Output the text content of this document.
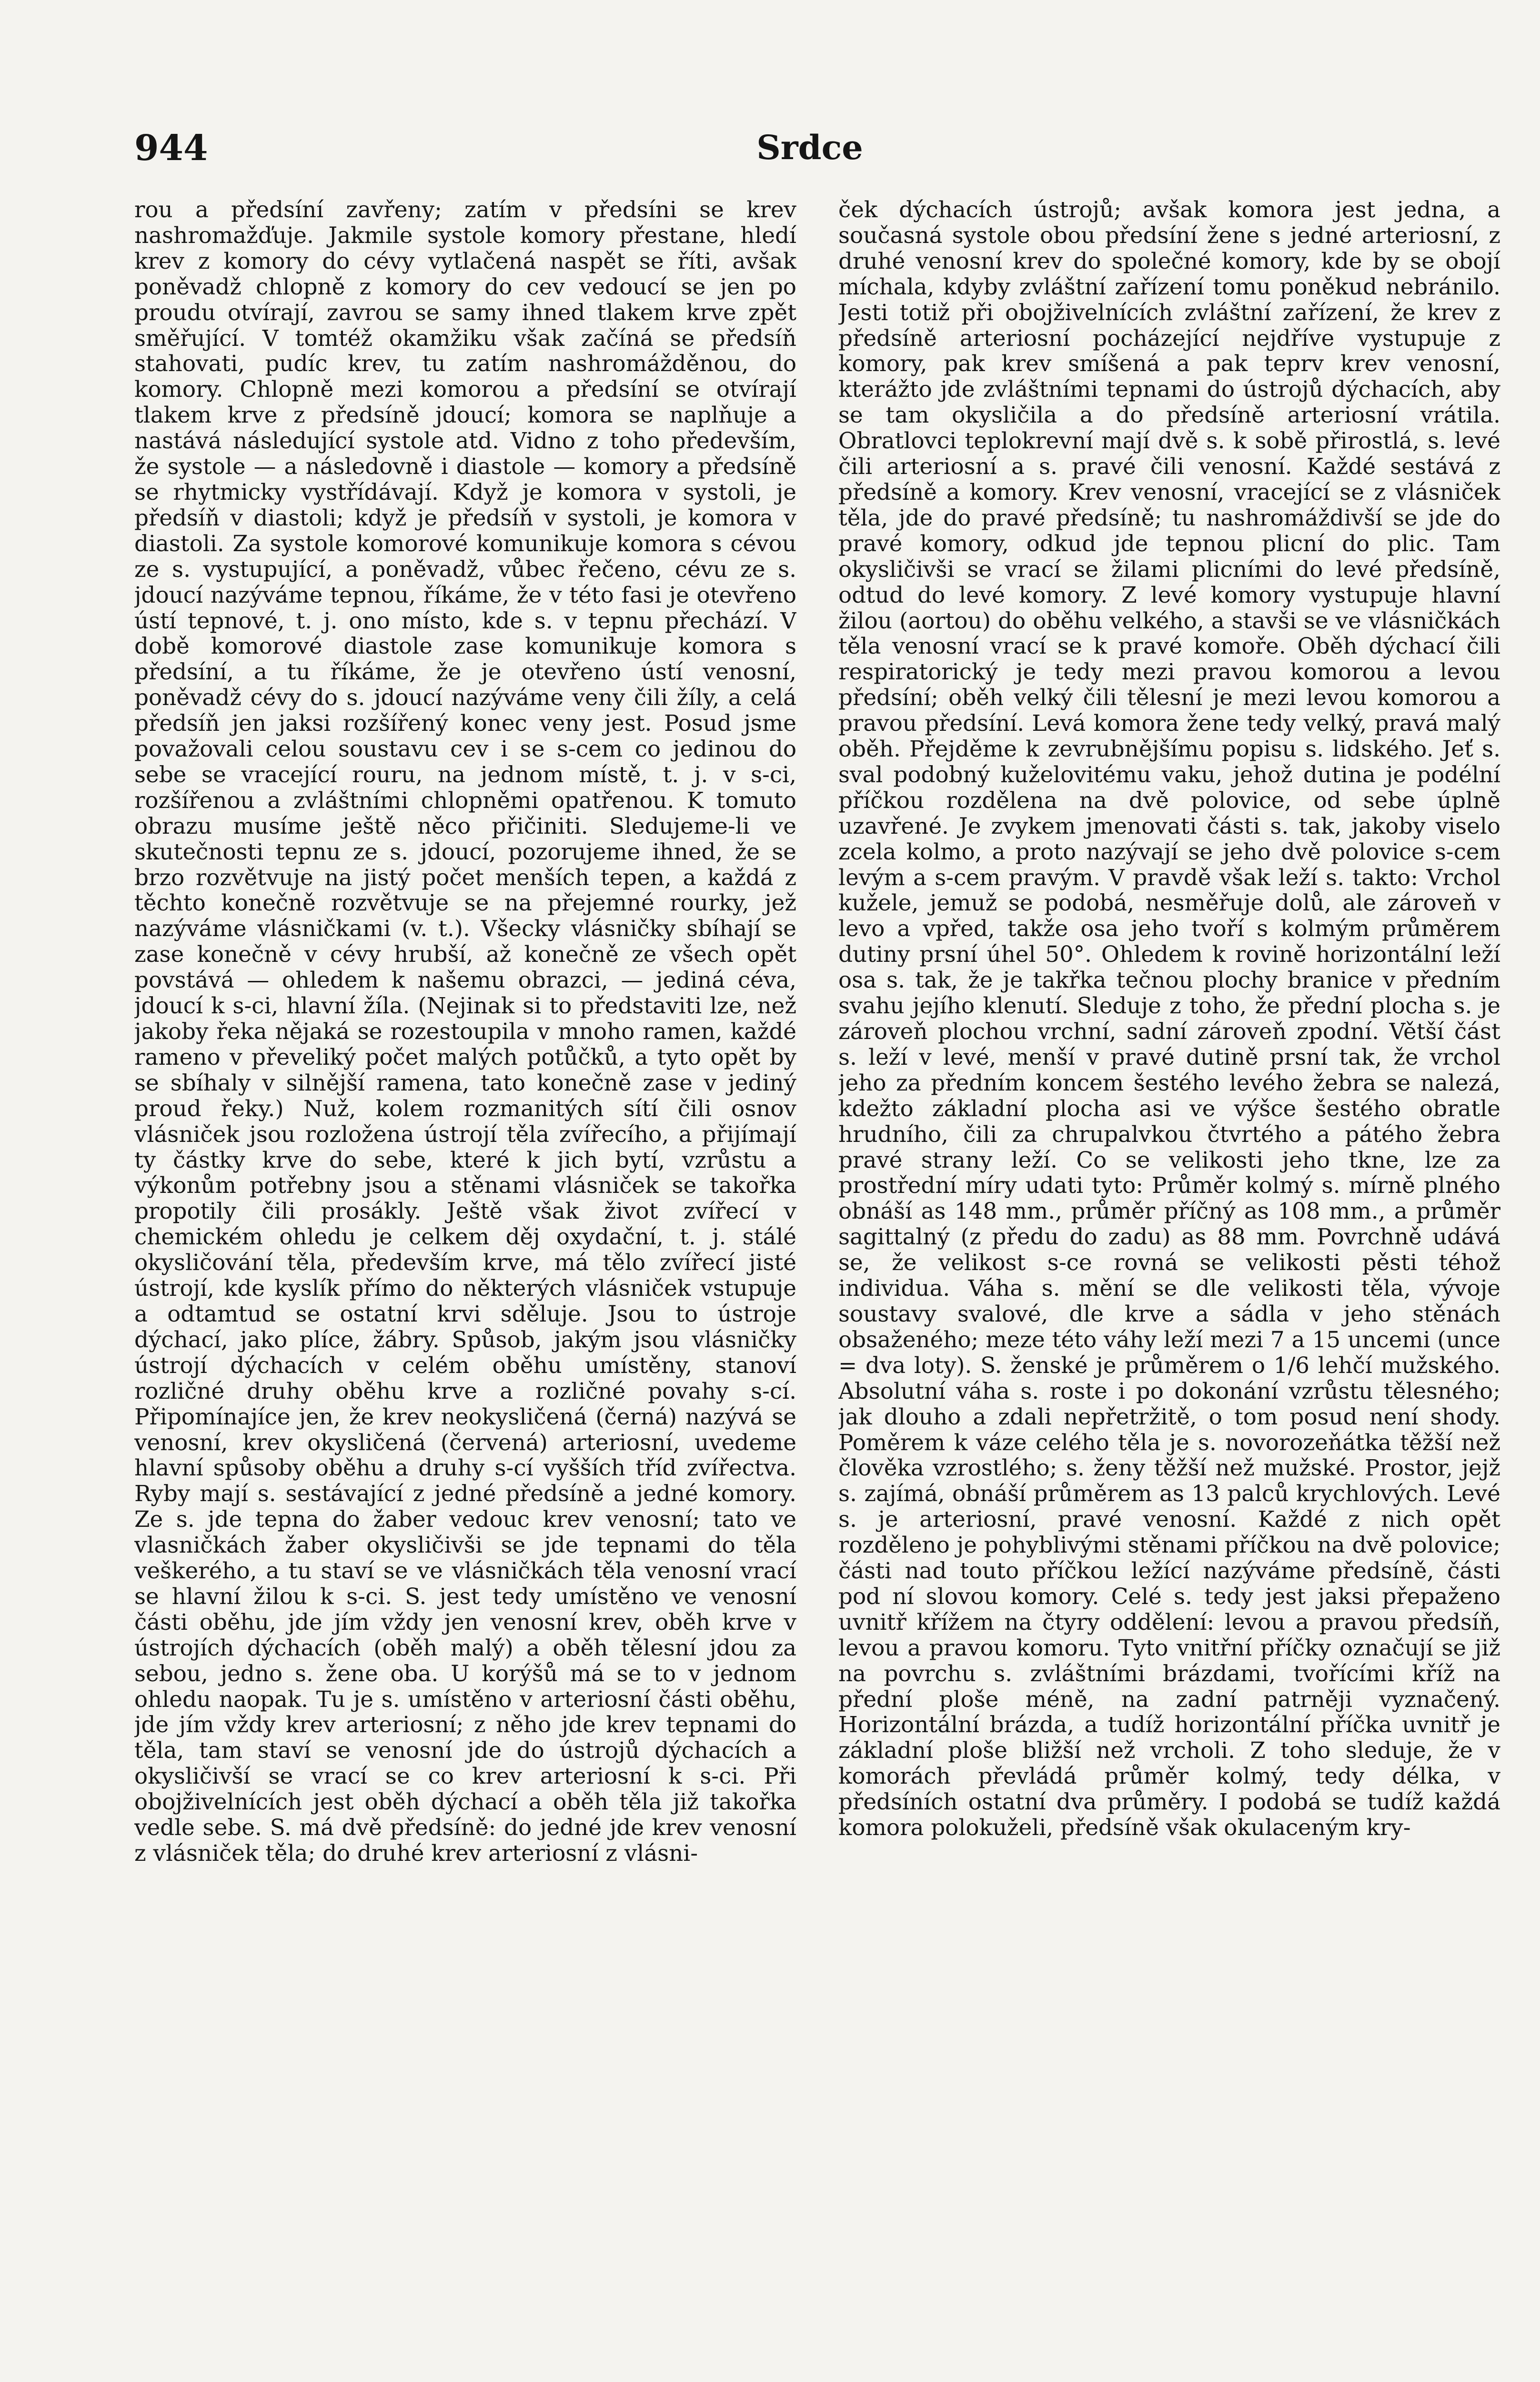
944	Srdce

rou a předsíní zavřeny; zatím v předsíni se krev nashromažďuje. Jakmile systole komory přestane, hledí krev z komory do cévy vytlačená naspět se říti, avšak poněvadž chlopně z komory do cev vedoucí se jen po proudu otvírají, zavrou se samy ihned tlakem krve zpět směřující. V tomtéž okamžiku však začíná se předsíň stahovati, pudíc krev, tu zatím nashromážděnou, do komory. Chlopně mezi komorou a předsíní se otvírají tlakem krve z předsíně jdoucí; komora se naplňuje a nastává následující systole atd. Vidno z toho především, že systole — a následovně i diastole — komory a předsíně se rhytmicky vystřídávají. Když je komora v systoli, je předsíň v diastoli; když je předsíň v systoli, je komora v diastoli. Za systole komorové komunikuje komora s cévou ze s. vystupující, a poněvadž, vůbec řečeno, cévu ze s. jdoucí nazýváme tepnou, říkáme, že v této fasi je otevřeno ústí tepnové, t. j. ono místo, kde s. v tepnu přechází. V době komorové diastole zase komunikuje komora s předsíní, a tu říkáme, že je otevřeno ústí venosní, poněvadž cévy do s. jdoucí nazýváme veny čili žíly, a celá předsíň jen jaksi rozšířený konec veny jest. Posud jsme považovali celou soustavu cev i se s-cem co jedinou do sebe se vracející rouru, na jednom místě, t. j. v s-ci, rozšířenou a zvláštními chlopněmi opatřenou. K tomuto obrazu musíme ještě něco přičiniti. Sledujeme-li ve skutečnosti tepnu ze s. jdoucí, pozorujeme ihned, že se brzo rozvětvuje na jistý počet menších tepen, a každá z těchto konečně rozvětvuje se na přejemné rourky, jež nazýváme vlásničkami (v. t.). Všecky vlásničky sbíhají se zase konečně v cévy hrubší, až konečně ze všech opět povstává — ohledem k našemu obrazci, — jediná céva, jdoucí k s-ci, hlavní žíla. (Nejinak si to představiti lze, než jakoby řeka nějaká se rozestoupila v mnoho ramen, každé rameno v převeliký počet malých potůčků, a tyto opět by se sbíhaly v silnější ramena, tato konečně zase v jediný proud řeky.) Nuž, kolem rozmanitých sítí čili osnov vlásniček jsou rozložena ústrojí těla zvířecího, a přijímají ty částky krve do sebe, které k jich bytí, vzrůstu a výkonům potřebny jsou a stěnami vlásniček se takořka propotily čili prosákly. Ještě však život zvířecí v chemickém ohledu je celkem děj oxydační, t. j. stálé okysličování těla, především krve, má tělo zvířecí jisté ústrojí, kde kyslík přímo do některých vlásniček vstupuje a odtamtud se ostatní krvi sděluje. Jsou to ústroje dýchací, jako plíce, žábry. Spůsob, jakým jsou vlásničky ústrojí dýchacích v celém oběhu umístěny, stanoví rozličné druhy oběhu krve a rozličné povahy s-cí. Připomínajíce jen, že krev neokysličená (černá) nazývá se venosní, krev okysličená (červená) arteriosní, uvedeme hlavní spůsoby oběhu a druhy s-cí vyšších tříd zvířectva. Ryby mají s. sestávající z jedné předsíně a jedné komory. Ze s. jde tepna do žaber vedouc krev venosní; tato ve vlasničkách žaber okysličivši se jde tepnami do těla veškerého, a tu staví se ve vlásničkách těla venosní vrací se hlavní žilou k s-ci. S. jest tedy umístěno ve venosní části oběhu, jde jím vždy jen venosní krev, oběh krve v ústrojích dýchacích (oběh malý) a oběh tělesní jdou za sebou, jedno s. žene oba. U korýšů má se to v jednom ohledu naopak. Tu je s. umístěno v arteriosní části oběhu, jde jím vždy krev arteriosní; z něho jde krev tepnami do těla, tam staví se venosní jde do ústrojů dýchacích a okysličivší se vrací se co krev arteriosní k s-ci. Při obojživelnících jest oběh dýchací a oběh těla již takořka vedle sebe. S. má dvě předsíně: do jedné jde krev venosní z vlásniček těla; do druhé krev arteriosní z vlásni-

ček dýchacích ústrojů; avšak komora jest jedna, a současná systole obou předsíní žene s jedné arteriosní, z druhé venosní krev do společné komory, kde by se obojí míchala, kdyby zvláštní zařízení tomu poněkud nebránilo. Jesti totiž při obojživelnících zvláštní zařízení, že krev z předsíně arteriosní pocházející nejdříve vystupuje z komory, pak krev smíšená a pak teprv krev venosní, kterážto jde zvláštními tepnami do ústrojů dýchacích, aby se tam okysličila a do předsíně arteriosní vrátila. Obratlovci teplokrevní mají dvě s. k sobě přirostlá, s. levé čili arteriosní a s. pravé čili venosní. Každé sestává z předsíně a komory. Krev venosní, vracející se z vlásniček těla, jde do pravé předsíně; tu nashromáždivší se jde do pravé komory, odkud jde tepnou plicní do plic. Tam okysličivši se vrací se žilami plicními do levé předsíně, odtud do levé komory. Z levé komory vystupuje hlavní žilou (aortou) do oběhu velkého, a stavši se ve vlásničkách těla venosní vrací se k pravé komoře. Oběh dýchací čili respiratorický je tedy mezi pravou komorou a levou předsíní; oběh velký čili tělesní je mezi levou komorou a pravou předsíní. Levá komora žene tedy velký, pravá malý oběh. Přejděme k zevrubnějšímu popisu s. lidského. Jeť s. sval podobný kuželovitému vaku, jehož dutina je podélní příčkou rozdělena na dvě polovice, od sebe úplně uzavřené. Je zvykem jmenovati části s. tak, jakoby viselo zcela kolmo, a proto nazývají se jeho dvě polovice s-cem levým a s-cem pravým. V pravdě však leží s. takto: Vrchol kužele, jemuž se podobá, nesměřuje dolů, ale zároveň v levo a vpřed, takže osa jeho tvoří s kolmým průměrem dutiny prsní úhel 50°. Ohledem k rovině horizontální leží osa s. tak, že je takřka tečnou plochy branice v předním svahu jejího klenutí. Sleduje z toho, že přední plocha s. je zároveň plochou vrchní, sadní zároveň zpodní. Větší část s. leží v levé, menší v pravé dutině prsní tak, že vrchol jeho za předním koncem šestého levého žebra se nalezá, kdežto základní plocha asi ve výšce šestého obratle hrudního, čili za chrupalvkou čtvrtého a pátého žebra pravé strany leží. Co se velikosti jeho tkne, lze za prostřední míry udati tyto: Průměr kolmý s. mírně plného obnáší as 148 mm., průměr příčný as 108 mm., a průměr sagittalný (z předu do zadu) as 88 mm. Povrchně udává se, že velikost s-ce rovná se velikosti pěsti téhož individua. Váha s. mění se dle velikosti těla, vývoje soustavy svalové, dle krve a sádla v jeho stěnách obsaženého; meze této váhy leží mezi 7 a 15 uncemi (unce = dva loty). S. ženské je průměrem o 1/6 lehčí mužského. Absolutní váha s. roste i po dokonání vzrůstu tělesného; jak dlouho a zdali nepřetržitě, o tom posud není shody. Poměrem k váze celého těla je s. novorozeňátka těžší než člověka vzrostlého; s. ženy těžší než mužské. Prostor, jejž s. zajímá, obnáší průměrem as 13 palců krychlových. Levé s. je arteriosní, pravé venosní. Každé z nich opět rozděleno je pohyblivými stěnami příčkou na dvě polovice; části nad touto příčkou ležící nazýváme předsíně, části pod ní slovou komory. Celé s. tedy jest jaksi přepaženo uvnitř křížem na čtyry oddělení: levou a pravou předsíň, levou a pravou komoru. Tyto vnitřní příčky označují se již na povrchu s. zvláštními brázdami, tvořícími kříž na přední ploše méně, na zadní patrněji vyznačený. Horizontální brázda, a tudíž horizontální příčka uvnitř je základní ploše bližší než vrcholi. Z toho sleduje, že v komorách převládá průměr kolmý, tedy délka, v předsíních ostatní dva průměry. I podobá se tudíž každá komora polokuželi, předsíně však okulaceným kry-
